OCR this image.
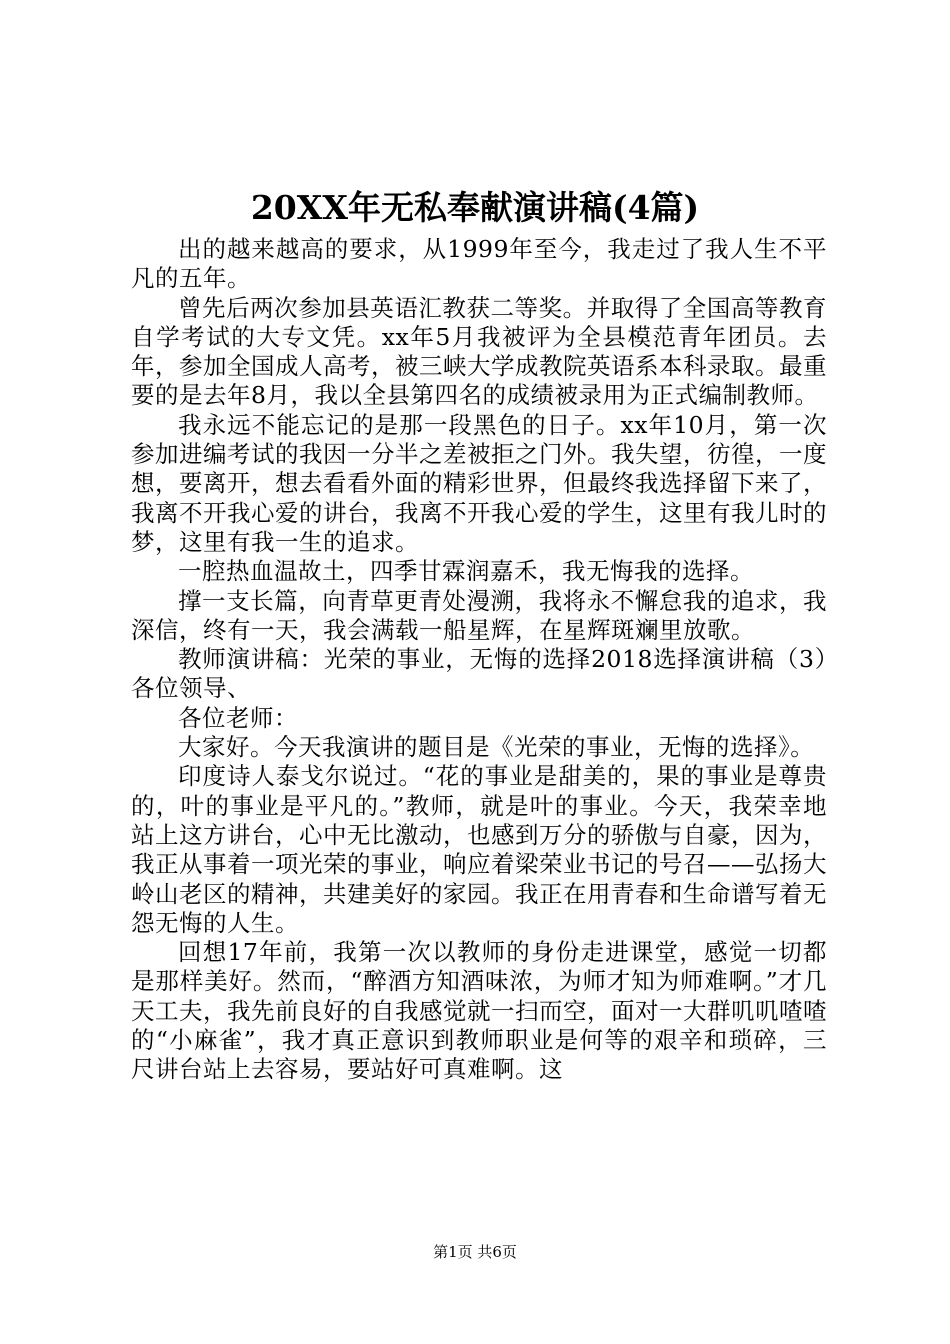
20XX年无私奉献演讲稿(4篇)

出的越来越高的要求，从1999年至今，我走过了我人生不平凡的五年。

曾先后两次参加县英语汇教获二等奖。并取得了全国高等教育自学考试的大专文凭。xx年5月我被评为全县模范青年团员。去年，参加全国成人高考，被三峡大学成教院英语系本科录取。最重要的是去年8月，我以全县第四名的成绩被录用为正式编制教师。

我永远不能忘记的是那一段黑色的日子。xx年10月，第一次参加进编考试的我因一分半之差被拒之门外。我失望，彷徨，一度想，要离开，想去看看外面的精彩世界，但最终我选择留下来了，我离不开我心爱的讲台，我离不开我心爱的学生，这里有我儿时的梦，这里有我一生的追求。

一腔热血温故土，四季甘霖润嘉禾，我无悔我的选择。

撑一支长篇，向青草更青处漫溯，我将永不懈怠我的追求，我深信，终有一天，我会满载一船星辉，在星辉斑斓里放歌。

教师演讲稿：光荣的事业，无悔的选择2018选择演讲稿（3）各位领导、

各位老师：

大家好。今天我演讲的题目是《光荣的事业，无悔的选择》。

印度诗人泰戈尔说过。“花的事业是甜美的，果的事业是尊贵的，叶的事业是平凡的。”教师，就是叶的事业。今天，我荣幸地站上这方讲台，心中无比激动，也感到万分的骄傲与自豪，因为，我正从事着一项光荣的事业，响应着梁荣业书记的号召——弘扬大岭山老区的精神，共建美好的家园。我正在用青春和生命谱写着无怨无悔的人生。

回想17年前，我第一次以教师的身份走进课堂，感觉一切都是那样美好。然而，“醉酒方知酒味浓，为师才知为师难啊。”才几天工夫，我先前良好的自我感觉就一扫而空，面对一大群叽叽喳喳的“小麻雀”，我才真正意识到教师职业是何等的艰辛和琐碎，三尺讲台站上去容易，要站好可真难啊。这

第1页 共6页
